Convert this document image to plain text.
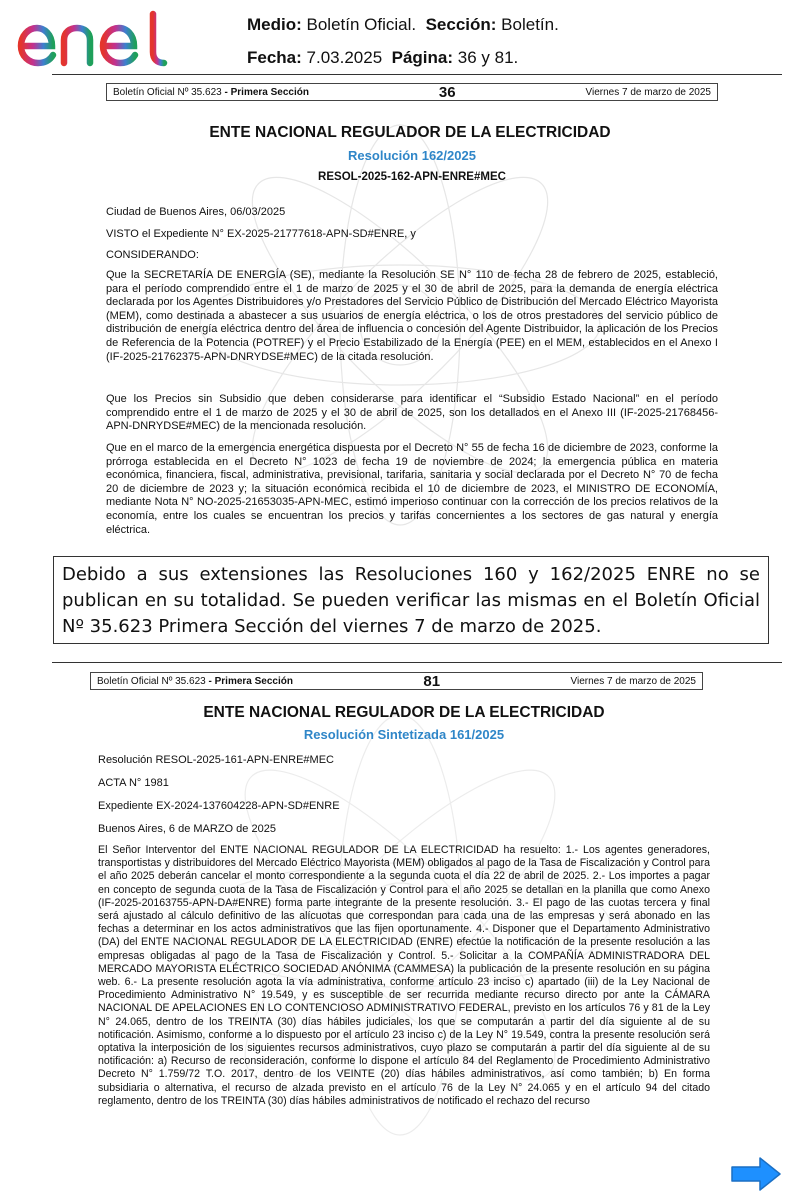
Medio: Boletín Oficial. Sección: Boletín.
Fecha: 7.03.2025 Página: 36 y 81.
Boletín Oficial Nº 35.623 - Primera Sección	36	Viernes 7 de marzo de 2025
ENTE NACIONAL REGULADOR DE LA ELECTRICIDAD
Resolución 162/2025
RESOL-2025-162-APN-ENRE#MEC
Ciudad de Buenos Aires, 06/03/2025
VISTO el Expediente N° EX-2025-21777618-APN-SD#ENRE, y
CONSIDERANDO:

Que la SECRETARÍA DE ENERGÍA (SE), mediante la Resolución SE N° 110 de fecha 28 de febrero de 2025, estableció, para el período comprendido entre el 1 de marzo de 2025 y el 30 de abril de 2025, para la demanda de energía eléctrica declarada por los Agentes Distribuidores y/o Prestadores del Servicio Público de Distribución del Mercado Eléctrico Mayorista (MEM), como destinada a abastecer a sus usuarios de energía eléctrica, o los de otros prestadores del servicio público de distribución de energía eléctrica dentro del área de influencia o concesión del Agente Distribuidor, la aplicación de los Precios de Referencia de la Potencia (POTREF) y el Precio Estabilizado de la Energía (PEE) en el MEM, establecidos en el Anexo I (IF-2025-21762375-APN-DNRYDSE#MEC) de la citada resolución.

Que los Precios sin Subsidio que deben considerarse para identificar el “Subsidio Estado Nacional” en el período comprendido entre el 1 de marzo de 2025 y el 30 de abril de 2025, son los detallados en el Anexo III (IF-2025-21768456-APN-DNRYDSE#MEC) de la mencionada resolución.

Que en el marco de la emergencia energética dispuesta por el Decreto N° 55 de fecha 16 de diciembre de 2023, conforme la prórroga establecida en el Decreto N° 1023 de fecha 19 de noviembre de 2024; la emergencia pública en materia económica, financiera, fiscal, administrativa, previsional, tarifaria, sanitaria y social declarada por el Decreto N° 70 de fecha 20 de diciembre de 2023 y; la situación económica recibida el 10 de diciembre de 2023, el MINISTRO DE ECONOMÍA, mediante Nota N° NO-2025-21653035-APN-MEC, estimó imperioso continuar con la corrección de los precios relativos de la economía, entre los cuales se encuentran los precios y tarifas concernientes a los sectores de gas natural y energía eléctrica.

Debido a sus extensiones las Resoluciones 160 y 162/2025 ENRE no se publican en su totalidad. Se pueden verificar las mismas en el Boletín Oficial Nº 35.623 Primera Sección del viernes 7 de marzo de 2025.
Boletín Oficial Nº 35.623 - Primera Sección	81	Viernes 7 de marzo de 2025
ENTE NACIONAL REGULADOR DE LA ELECTRICIDAD
Resolución Sintetizada 161/2025
Resolución RESOL-2025-161-APN-ENRE#MEC
ACTA N° 1981
Expediente EX-2024-137604228-APN-SD#ENRE
Buenos Aires, 6 de MARZO de 2025

El Señor Interventor del ENTE NACIONAL REGULADOR DE LA ELECTRICIDAD ha resuelto: 1.- Los agentes generadores, transportistas y distribuidores del Mercado Eléctrico Mayorista (MEM) obligados al pago de la Tasa de Fiscalización y Control para el año 2025 deberán cancelar el monto correspondiente a la segunda cuota el día 22 de abril de 2025. 2.- Los importes a pagar en concepto de segunda cuota de la Tasa de Fiscalización y Control para el año 2025 se detallan en la planilla que como Anexo (IF-2025-20163755-APN-DA#ENRE) forma parte integrante de la presente resolución. 3.- El pago de las cuotas tercera y final será ajustado al cálculo definitivo de las alícuotas que correspondan para cada una de las empresas y será abonado en las fechas a determinar en los actos administrativos que las fijen oportunamente. 4.- Disponer que el Departamento Administrativo (DA) del ENTE NACIONAL REGULADOR DE LA ELECTRICIDAD (ENRE) efectúe la notificación de la presente resolución a las empresas obligadas al pago de la Tasa de Fiscalización y Control. 5.- Solicitar a la COMPAÑÍA ADMINISTRADORA DEL MERCADO MAYORISTA ELÉCTRICO SOCIEDAD ANÓNIMA (CAMMESA) la publicación de la presente resolución en su página web. 6.- La presente resolución agota la vía administrativa, conforme artículo 23 inciso c) apartado (iii) de la Ley Nacional de Procedimiento Administrativo N° 19.549, y es susceptible de ser recurrida mediante recurso directo por ante la CÁMARA NACIONAL DE APELACIONES EN LO CONTENCIOSO ADMINISTRATIVO FEDERAL, previsto en los artículos 76 y 81 de la Ley N° 24.065, dentro de los TREINTA (30) días hábiles judiciales, los que se computarán a partir del día siguiente al de su notificación. Asimismo, conforme a lo dispuesto por el artículo 23 inciso c) de la Ley N° 19.549, contra la presente resolución será optativa la interposición de los siguientes recursos administrativos, cuyo plazo se computarán a partir del día siguiente al de su notificación: a) Recurso de reconsideración, conforme lo dispone el artículo 84 del Reglamento de Procedimiento Administrativo Decreto N° 1.759/72 T.O. 2017, dentro de los VEINTE (20) días hábiles administrativos, así como también; b) En forma subsidiaria o alternativa, el recurso de alzada previsto en el artículo 76 de la Ley N° 24.065 y en el artículo 94 del citado reglamento, dentro de los TREINTA (30) días hábiles administrativos de notificado el rechazo del recurso
